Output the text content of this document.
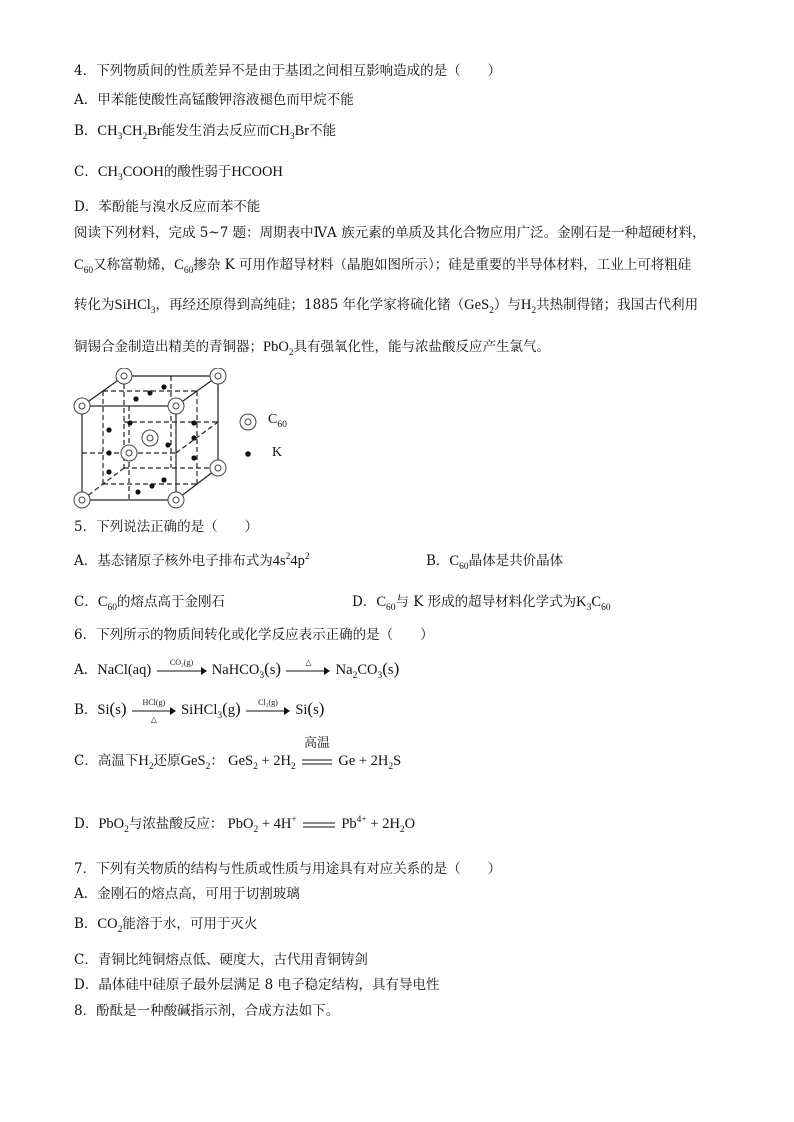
4．下列物质间的性质差异不是由于基团之间相互影响造成的是（　　）
A．甲苯能使酸性高锰酸钾溶液褪色而甲烷不能
B．$CH_3CH_2Br$能发生消去反应而$CH_3Br$不能
C．$CH_3COOH$的酸性弱于HCOOH
D．苯酚能与溴水反应而苯不能
阅读下列材料，完成 5~7 题：周期表中ⅣA 族元素的单质及其化合物应用广泛。金刚石是一种超硬材料，
$C_{60}$又称富勒烯，$C_{60}$掺杂 K 可用作超导材料（晶胞如图所示）；硅是重要的半导体材料，工业上可将粗硅
转化为SiHCl$_3$，再经还原得到高纯硅；1885 年化学家将硫化锗（GeS$_2$）与$H_2$共热制得锗；我国古代利用
铜锡合金制造出精美的青铜器；PbO$_2$具有强氧化性，能与浓盐酸反应产生氯气。
$C_{60}$
K
5．下列说法正确的是（　　）
A．基态锗原子核外电子排布式为$4s^24p^2$	B．$C_{60}$晶体是共价晶体
C．$C_{60}$的熔点高于金刚石	D．$C_{60}$与 K 形成的超导材料化学式为$K_3C_{60}$
6．下列所示的物质间转化或化学反应表示正确的是（　　）
A．NaCl(aq)	CO₂(g)	NaHCO$_3$(s)	△	$Na_2CO_3(s)$
B．Si(s)	HCl(g)
△
SiHCl$_3$(g)	Cl₂(g)	Si(s)
C．高温下$H_2$还原GeS$_2$： $GeS_2 + 2H_2$
高温
$Ge + 2H_2S$
D．PbO$_2$与浓盐酸反应： PbO$_2$ + 4H+	$Pb^{4+} + 2H_2O$
7．下列有关物质的结构与性质或性质与用途具有对应关系的是（　　）
A．金刚石的熔点高，可用于切割玻璃
B．$CO_2$能溶于水，可用于灭火
C．青铜比纯铜熔点低、硬度大，古代用青铜铸剑
D．晶体硅中硅原子最外层满足 8 电子稳定结构，具有导电性
8．酚酞是一种酸碱指示剂，合成方法如下。
